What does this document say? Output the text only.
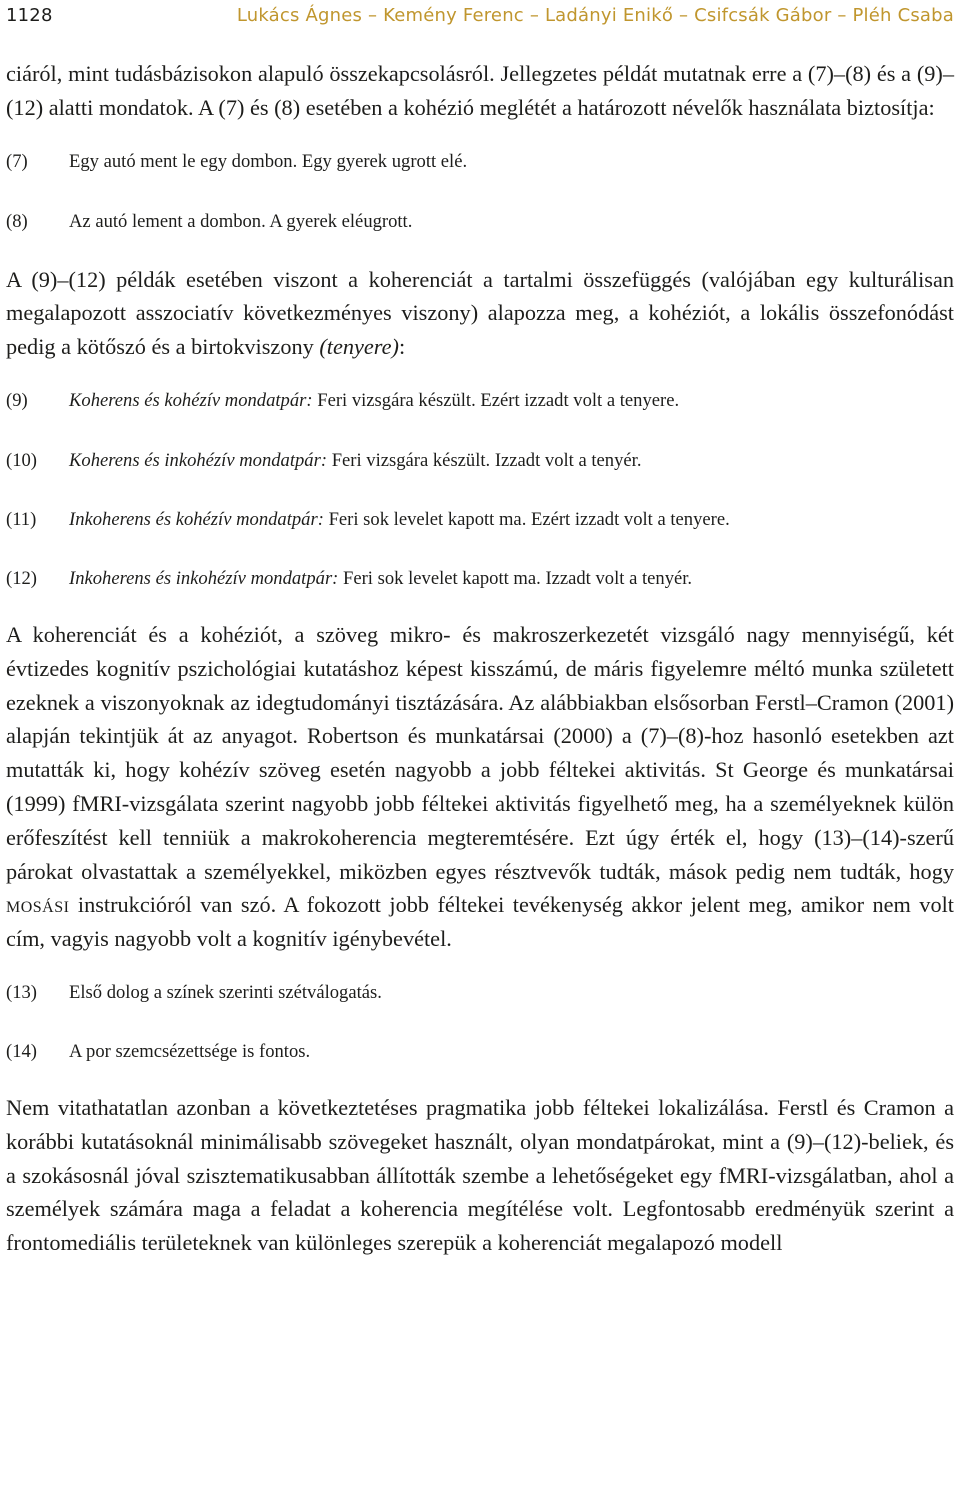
1128	Lukács Ágnes – Kemény Ferenc – Ladányi Enikő – Csifcsák Gábor – Pléh Csaba

ciáról, mint tudásbázisokon alapuló összekapcsolásról. Jellegzetes példát mutatnak erre a (7)–(8) és a (9)–(12) alatti mondatok. A (7) és (8) esetében a kohézió meglétét a határozott névelők használata biztosítja:

(7) Egy autó ment le egy dombon. Egy gyerek ugrott elé.
(8) Az autó lement a dombon. A gyerek eléugrott.

A (9)–(12) példák esetében viszont a koherenciát a tartalmi összefüggés (valójában egy kulturálisan megalapozott asszociatív következményes viszony) alapozza meg, a kohéziót, a lokális összefonódást pedig a kötőszó és a birtokviszony (tenyere):

(9) Koherens és kohézív mondatpár: Feri vizsgára készült. Ezért izzadt volt a tenyere.
(10) Koherens és inkohézív mondatpár: Feri vizsgára készült. Izzadt volt a tenyér.
(11) Inkoherens és kohézív mondatpár: Feri sok levelet kapott ma. Ezért izzadt volt a tenyere.
(12) Inkoherens és inkohézív mondatpár: Feri sok levelet kapott ma. Izzadt volt a tenyér.

A koherenciát és a kohéziót, a szöveg mikro- és makroszerkezetét vizsgáló nagy mennyiségű, két évtizedes kognitív pszichológiai kutatáshoz képest kisszámú, de máris figyelemre méltó munka született ezeknek a viszonyoknak az idegtudományi tisztázására. Az alábbiakban elsősorban Ferstl–Cramon (2001) alapján tekintjük át az anyagot. Robertson és munkatársai (2000) a (7)–(8)-hoz hasonló esetekben azt mutatták ki, hogy kohézív szöveg esetén nagyobb a jobb féltekei aktivitás. St George és munkatársai (1999) fMRI-vizsgálata szerint nagyobb jobb féltekei aktivitás figyelhető meg, ha a személyeknek külön erőfeszítést kell tenniük a makrokoherencia megteremtésére. Ezt úgy érték el, hogy (13)–(14)-szerű párokat olvastattak a személyekkel, miközben egyes résztvevők tudták, mások pedig nem tudták, hogy mosási instrukcióról van szó. A fokozott jobb féltekei tevékenység akkor jelent meg, amikor nem volt cím, vagyis nagyobb volt a kognitív igénybevétel.

(13) Első dolog a színek szerinti szétválogatás.
(14) A por szemcsézettsége is fontos.

Nem vitathatatlan azonban a következtetéses pragmatika jobb féltekei lokalizálása. Ferstl és Cramon a korábbi kutatásoknál minimálisabb szövegeket használt, olyan mondatpárokat, mint a (9)–(12)-beliek, és a szokásosnál jóval szisztematikusabban állították szembe a lehetőségeket egy fMRI-vizsgálatban, ahol a személyek számára maga a feladat a koherencia megítélése volt. Legfontosabb eredményük szerint a frontomediális területeknek van különleges szerepük a koherenciát megalapozó modell
